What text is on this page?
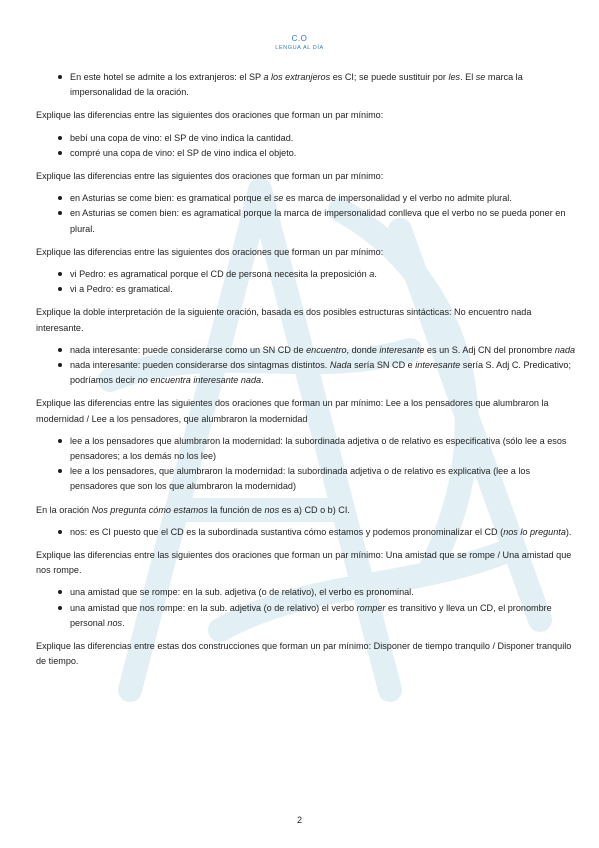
C.O
LENGUA AL DÍA
En este hotel se admite a los extranjeros: el SP a los extranjeros es CI; se puede sustituir por les. El se marca la impersonalidad de la oración.

Explique las diferencias entre las siguientes dos oraciones que forman un par mínimo:

bebí una copa de vino: el SP de vino indica la cantidad.
compré una copa de vino: el SP de vino indica el objeto.

Explique las diferencias entre las siguientes dos oraciones que forman un par mínimo:

en Asturias se come bien: es gramatical porque el se es marca de impersonalidad y el verbo no admite plural.
en Asturias se comen bien: es agramatical porque la marca de impersonalidad conlleva que el verbo no se pueda poner en plural.

Explique las diferencias entre las siguientes dos oraciones que forman un par mínimo:

vi Pedro: es agramatical porque el CD de persona necesita la preposición a.
vi a Pedro: es gramatical.

Explique la doble interpretación de la siguiente oración, basada es dos posibles estructuras sintácticas: No encuentro nada interesante.

nada interesante: puede considerarse como un SN CD de encuentro, donde interesante es un S. Adj CN del pronombre nada
nada interesante: pueden considerarse dos sintagmas distintos. Nada sería SN CD e interesante sería S. Adj C. Predicativo; podríamos decir no encuentra interesante nada.

Explique las diferencias entre las siguientes dos oraciones que forman un par mínimo: Lee a los pensadores que alumbraron la modernidad / Lee a los pensadores, que alumbraron la modernidad

lee a los pensadores que alumbraron la modernidad: la subordinada adjetiva o de relativo es especificativa (sólo lee a esos pensadores; a los demás no los lee)
lee a los pensadores, que alumbraron la modernidad: la subordinada adjetiva o de relativo es explicativa (lee a los pensadores que son los que alumbraron la modernidad)

En la oración Nos pregunta cómo estamos la función de nos es a) CD o b) CI.

nos: es CI puesto que el CD es la subordinada sustantiva cómo estamos y podemos pronominalizar el CD (nos lo pregunta).

Explique las diferencias entre las siguientes dos oraciones que forman un par mínimo: Una amistad que se rompe / Una amistad que nos rompe.

una amistad que se rompe: en la sub. adjetiva (o de relativo), el verbo es pronominal.
una amistad que nos rompe: en la sub. adjetiva (o de relativo) el verbo romper es transitivo y lleva un CD, el pronombre personal nos.

Explique las diferencias entre estas dos construcciones que forman un par mínimo: Disponer de tiempo tranquilo / Disponer tranquilo de tiempo.

2
